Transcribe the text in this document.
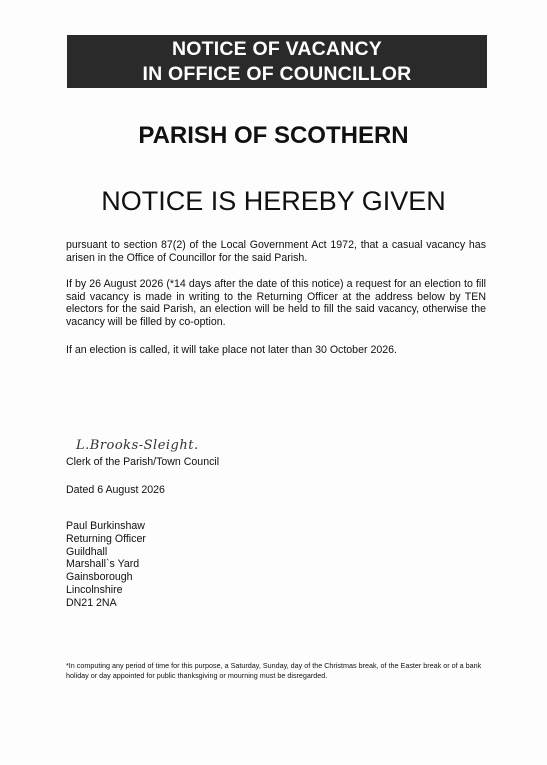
NOTICE OF VACANCY
IN OFFICE OF COUNCILLOR
PARISH OF SCOTHERN
NOTICE IS HEREBY GIVEN
pursuant to section 87(2) of the Local Government Act 1972, that a casual vacancy has arisen in the Office of Councillor for the said Parish.
If by 26 August 2026 (*14 days after the date of this notice) a request for an election to fill said vacancy is made in writing to the Returning Officer at the address below by TEN electors for the said Parish, an election will be held to fill the said vacancy, otherwise the vacancy will be filled by co-option.
If an election is called, it will take place not later than 30 October 2026.
L.Brooks-Sleight.
Clerk of the Parish/Town Council
Dated 6 August 2026
Paul Burkinshaw
Returning Officer
Guildhall
Marshall`s Yard
Gainsborough
Lincolnshire
DN21 2NA
*In computing any period of time for this purpose, a Saturday, Sunday, day of the Christmas break, of the Easter break or of a bank holiday or day appointed for public thanksgiving or mourning must be disregarded.
